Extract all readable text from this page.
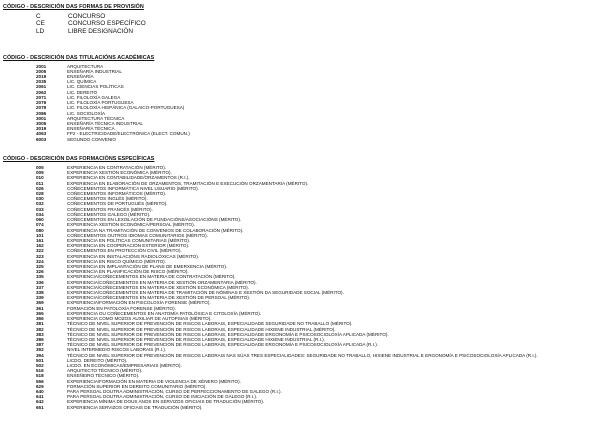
CÓDIGO - DESCRICIÓN DAS FORMAS DE PROVISIÓN
C	CONCURSO
CE	CONCURSO ESPECÍFICO
LD	LIBRE DESIGNACIÓN
CÓDIGO - DESCRICIÓN DAS TITULACIÓNS ACADÉMICAS
2001	ARQUITECTURA
2005	ENXEÑARÍA INDUSTRIAL
2019	ENXEÑARÍA
2035	LIC. QUÍMICA
2061	LIC. CIENCIAS POLÍTICAS
2062	LIC. DEREITO
2071	LIC. FILOLOXÍA GALEGA
2076	LIC. FILOLOXÍA PORTUGUESA
2079	LIC. FILOLOXÍA HISPÁNICA (GALAICO-PORTUGUESA)
2086	LIC. SOCIOLOXÍA
3001	ARQUITECTURA TÉCNICA
3005	ENXEÑARÍA TÉCNICA INDUSTRIAL
3019	ENXEÑARÍA TÉCNICA
4063	FP2 - ELECTRICIDADE/ELECTRÓNICA (ELECT. COMUN.)
6003	SEGUNDO CONVENIO
CÓDIGO - DESCRICIÓN DAS FORMACIÓNS ESPECÍFICAS
005	EXPERIENCIA EN CONTRATACIÓN (MÉRITO).
009	EXPERIENCIA XESTIÓN ECONÓMICA (MÉRITO).
010	EXPERIENCIA EN CONTABILIDADE/ORZAMENTOS (R.I.).
011	EXPERIENCIA EN ELABORACIÓN DE ORZAMENTOS, TRAMITACIÓN E EXECUCIÓN ORZAMENTARIA (MÉRITO).
026	COÑECEMENTOS INFORMÁTICA NIVEL USUARIO (MÉRITO).
028	COÑECEMENTOS INFORMÁTICOS (MÉRITO).
030	COÑECEMENTOS INGLÉS (MÉRITO).
032	COÑECEMENTOS DE PORTUGUÉS (MÉRITO).
033	COÑECEMENTOS FRANCÉS (MÉRITO).
034	COÑECEMENTOS GALEGO (MÉRITO).
060	COÑECEMENTOS EN LEXISLACIÓN DE FUNDACIÓNS/ASOCIACIÓNS (MÉRITO).
074	EXPERIENCIA XESTIÓN ECONÓMICA/PERSOAL (MÉRITO).
080	EXPERIENCIA NA TRAMITACIÓN DE CONVENIOS DE COLABORACIÓN (MÉRITO).
101	COÑECEMENTOS OUTROS IDIOMAS COMUNITARIOS (MÉRITO).
161	EXPERIENCIA EN POLÍTICAS COMUNITARIAS (MÉRITO).
162	EXPERIENCIA EN COOPERACIÓN EXTERIOR (MÉRITO).
322	COÑECEMENTOS EN PROTECCIÓN CIVIL (MÉRITO).
323	EXPERIENCIA EN INSTALACIÓNS RADIOLÓXICAS (MÉRITO).
324	EXPERIENCIA EN RISCO QUÍMICO (MÉRITO).
325	EXPERIENCIA EN IMPLANTACIÓN DE PLANS DE EMERXENCIA (MÉRITO).
326	EXPERIENCIA EN PLANIFICACIÓN DE RISCO (MÉRITO).
335	EXPERIENCIA/COÑECEMENTOS EN MATERIA DE CONTRATACIÓN (MÉRITO).
336	EXPERIENCIA/COÑECEMENTOS EN MATERIA DE XESTIÓN ORZAMENTARIA (MÉRITO).
337	EXPERIENCIA/COÑECEMENTOS EN MATERIA DE XESTIÓN ECONÓMICA (MÉRITO).
338	EXPERIENCIA/COÑECEMENTOS EN MATERIA DE TRAMITACIÓN DE NÓMINAS E XESTIÓN DA SEGURIDADE SOCIAL (MÉRITO).
339	EXPERIENCIA/COÑECEMENTOS EN MATERIA DE XESTIÓN DE PERSOAL (MÉRITO).
369	EXPERIENCIA/FORMACIÓN EN PSICOLOXÍA FORENSE (MÉRITO).
361	FORMACIÓN EN PATOLOXÍA FORENSE (MÉRITO).
365	EXPERIENCIA OU COÑECEMENTOS EN ANATOMÍA PATOLÓXICA E CITOLOXÍA (MÉRITO).
366	EXPERIENCIA COMO MOZOS AUXILIAR DE AUTOPSIAS (MÉRITO).
381	TÉCNICO DE NIVEL SUPERIOR DE PREVENCIÓN DE RISCOS LABORAIS, ESPECIALIDADE SEGURIDADE NO TRABALLO (MÉRITO).
382	TÉCNICO DE NIVEL SUPERIOR DE PREVENCIÓN DE RISCOS LABORAIS, ESPECIALIDADE HIXIENE INDUSTRIAL (MÉRITO).
383	TÉCNICO DE NIVEL SUPERIOR DE PREVENCIÓN DE RISCOS LABORAIS, ESPECIALIDADE ERGONOMÍA E PSICOSOCIOLOXÍA APLICADA (MÉRITO).
386	TÉCNICO DE NIVEL SUPERIOR DE PREVENCIÓN DE RISCOS LABORAIS, ESPECIALIDADE HIXIENE INDUSTRIAL (R.I.).
387	TÉCNICO DE NIVEL SUPERIOR DE PREVENCIÓN DE RISCOS LABORAIS, ESPECIALIDADE ERGONOMÍA E PSICOSOCIOLOXÍA APLICADA (R.I.).
392	NIVEL INTERMEDIO RISCOS LABORAIS (R.I.).
394	TÉCNICO DE NIVEL SUPERIOR DE PREVENCIÓN DE RISCOS LABORAIS NAS SÚAS TRES ESPECIALIDADES: SEGURIDADE NO TRABALLO, HIXIENE INDUSTRIAL E ERGONOMÍA E PSICOSOCIOLOXÍA APLICADA (R.I.).
501	LICDO. DEREITO (MÉRITO).
502	LICDO. EN ECONÓMICAS/EMPRESARIAIS (MÉRITO).
516	ARQUITECTO TÉCNICO (MÉRITO).
518	ENXEÑEIRO TÉCNICO (MÉRITO).
556	EXPERIENCIA/FORMACIÓN EN MATERIA DE VIOLENCIA DE XÉNERO (MÉRITO).
629	FORMACIÓN SUPERIOR EN DEREITO COMUNITARIO (MÉRITO).
640	PARA PERSOAL DOUTRA ADMINISTRACIÓN, CURSO DE PERFECCIONAMENTO DE GALEGO (R.I.).
641	PARA PERSOAL DOUTRA ADMINISTRACIÓN, CURSO DE INICIACIÓN DE GALEGO (R.I.).
642	EXPERIENCIA MÍNIMA DE DOUS ANOS EN SERVIZOS OFICIAIS DE TRADUCIÓN (MÉRITO).
651	EXPERIENCIA SERVIZOS OFICIAIS DE TRADUCIÓN (MÉRITO).
